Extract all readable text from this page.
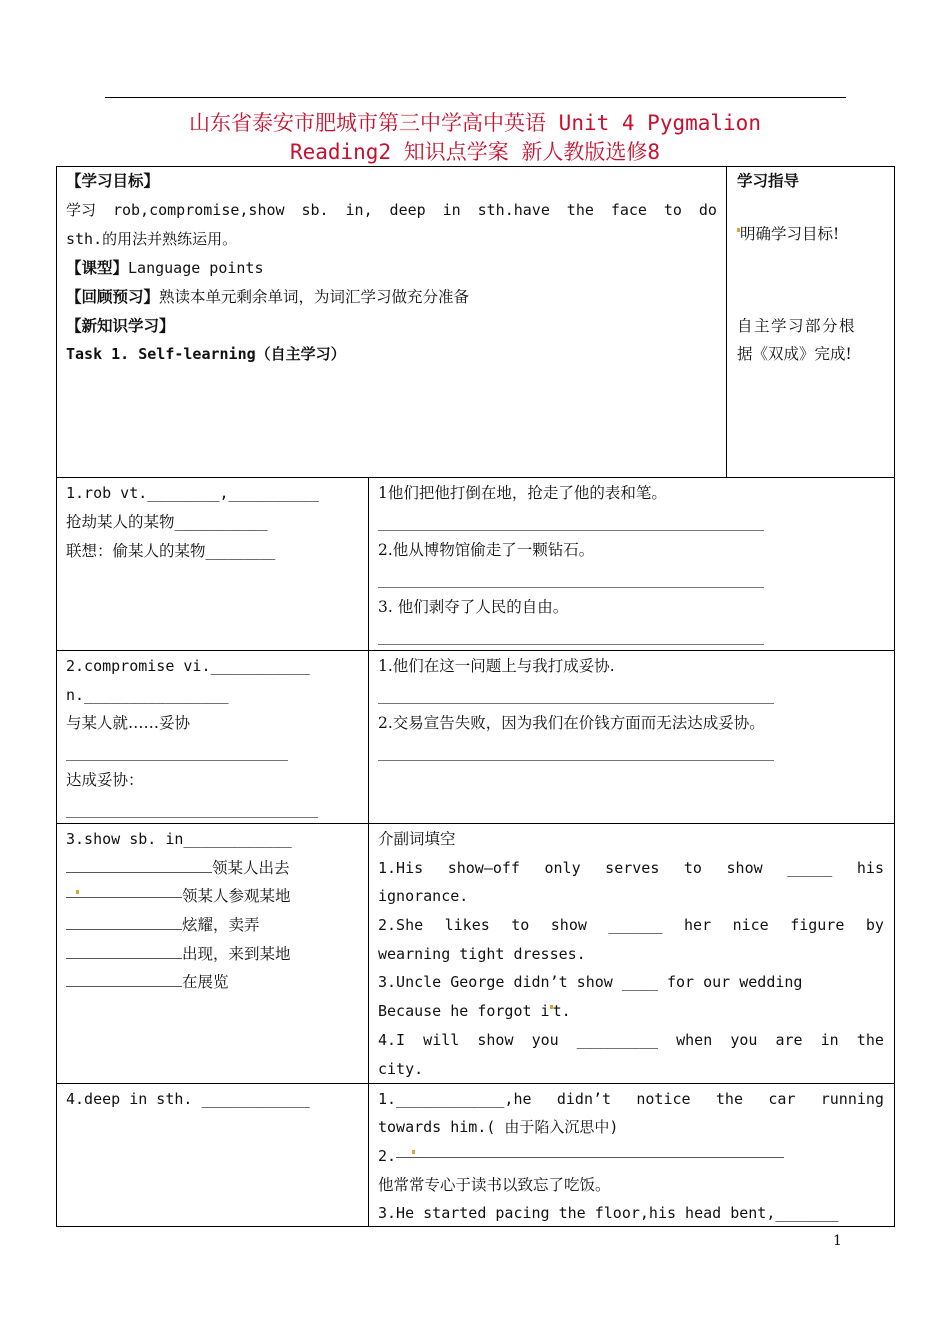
山东省泰安市肥城市第三中学高中英语 Unit 4 Pygmalion
Reading2 知识点学案 新人教版选修8
【学习目标】
学习 rob,compromise,show sb. in, deep in sth.have the face to do
sth.的用法并熟练运用。
【课型】Language points
【回顾预习】熟读本单元剩余单词，为词汇学习做充分准备
【新知识学习】
Task 1. Self-learning（自主学习）
学习指导
明确学习目标!
自主学习部分根
据《双成》完成!
1.rob vt.________,__________
抢劫某人的某物____________
联想：偷某人的某物_________
1他们把他打倒在地，抢走了他的表和笔。
2.他从博物馆偷走了一颗钻石。
3. 他们剥夺了人民的自由。
2.compromise vi.___________
n.________________
与某人就……妥协
达成妥协：
1.他们在这一问题上与我打成妥协.
2.交易宣告失败，因为我们在价钱方面而无法达成妥协。
3.show sb. in____________
领某人出去
领某人参观某地
炫耀，卖弄
出现，来到某地
在展览
介副词填空
1.His show—off only serves to show _____ his
ignorance.
2.She likes to show ______ her nice figure by
wearning tight dresses.
3.Uncle George didn’t show ____ for our wedding
Because he forgot i t.
4.I will show you _________ when you are in the
city.
4.deep in sth. ____________	1.____________,he didn’t notice the car running
towards him.( 由于陷入沉思中)
2.
他常常专心于读书以致忘了吃饭。
3.He started pacing the floor,his head bent,_______
1
